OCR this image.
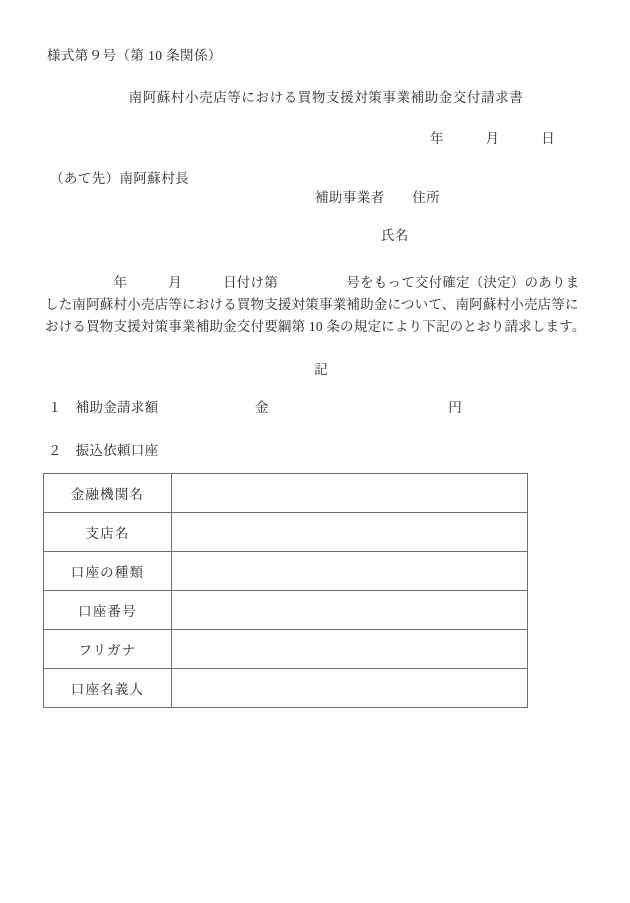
様式第９号（第 10 条関係）
南阿蘇村小売店等における買物支援対策事業補助金交付請求書
年　　　月　　　日
（あて先）南阿蘇村長
補助事業者　　住所
氏名
　　　　　年　　　月　　　日付け第　　　　　号をもって交付確定（決定）のありました南阿蘇村小売店等における買物支援対策事業補助金について、南阿蘇村小売店等における買物支援対策事業補助金交付要綱第 10 条の規定により下記のとおり請求します。
記
１　補助金請求額　　　　　　　金　　　　　　　　　　　　　円
２　振込依頼口座
金融機関名	
支店名	
口座の種類	
口座番号	
フリガナ	
口座名義人	
